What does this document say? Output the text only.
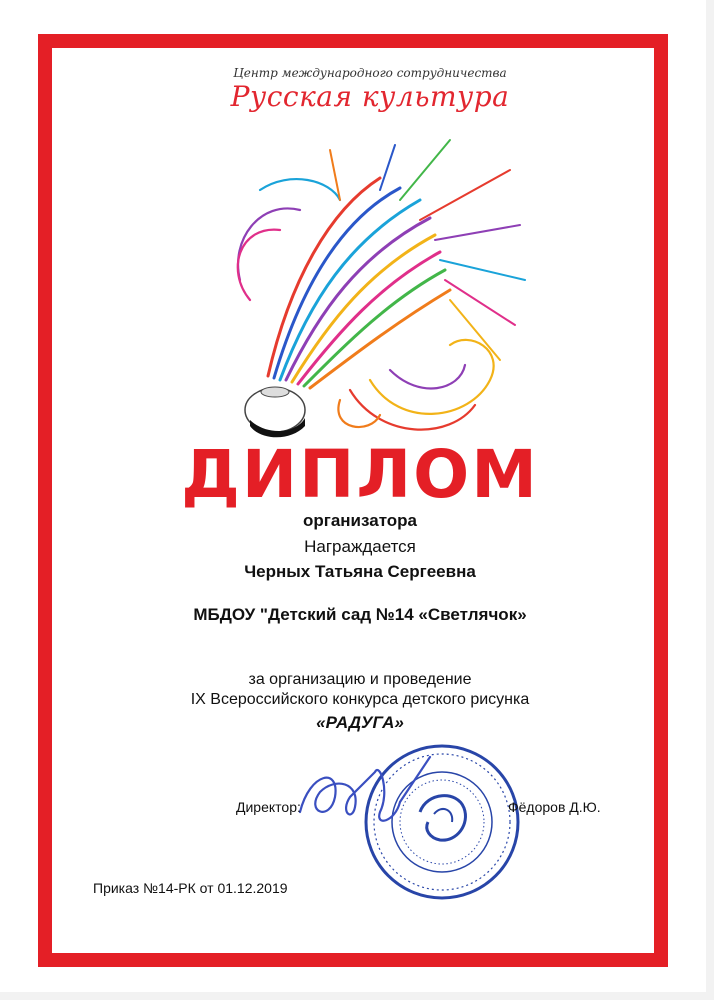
Центр международного сотрудничества
Русская культура
ДИПЛОМ
организатора
Награждается
Черных Татьяна Сергеевна
МБДОУ "Детский сад №14 «Светлячок»
за организацию и проведение
IX Всероссийского конкурса детского рисунка
«РАДУГА»
Директор:	Фёдоров Д.Ю.
Приказ №14-РК от 01.12.2019
